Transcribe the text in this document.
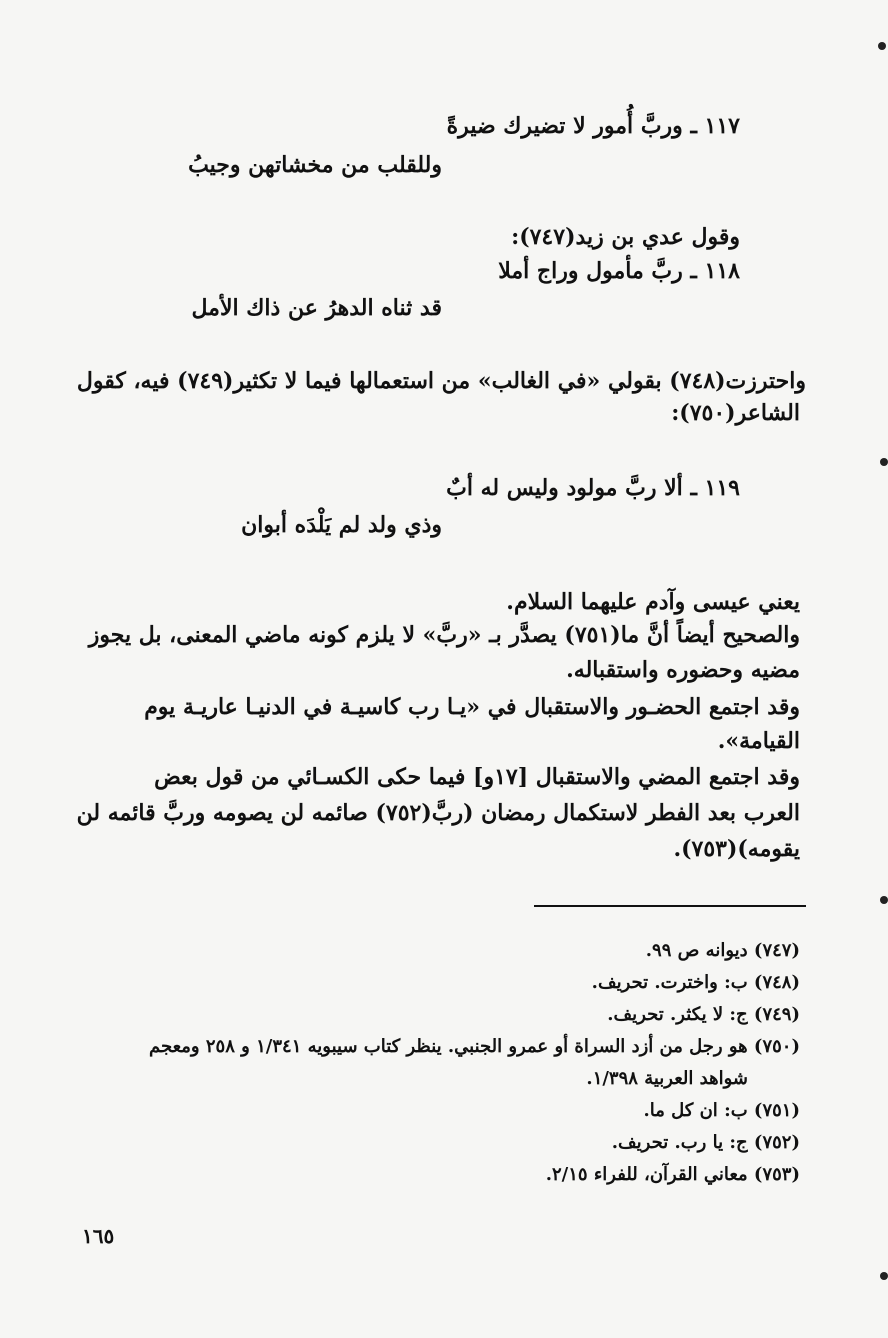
١١٧ ـ وربَّ أُمور لا تضيرك ضيرةً
وللقلب من مخشاتهن وجيبُ
وقول عدي بن زيد(٧٤٧):
١١٨ ـ ربَّ مأمول وراج أملا
قد ثناه الدهرُ عن ذاك الأمل
واحترزت(٧٤٨) بقولي «في الغالب» من استعمالها فيما لا تكثير(٧٤٩) فيه، كقول
الشاعر(٧٥٠):
١١٩ ـ ألا ربَّ مولود وليس له أبٌ
وذي ولد لم يَلْدَه أبوان
يعني عيسى وآدم عليهما السلام.
والصحيح أيضاً أنَّ ما(٧٥١) يصدَّر بـ «ربَّ» لا يلزم كونه ماضي المعنى، بل يجوز
مضيه وحضوره واستقباله.
وقد اجتمع الحضـور والاستقبال في «يـا رب كاسيـة في الدنيـا عاريـة يوم
القيامة».
وقد اجتمع المضي والاستقبال [١٧و] فيما حكى الكسـائي من قول بعض
العرب بعد الفطر لاستكمال رمضان (ربَّ(٧٥٢) صائمه لن يصومه وربَّ قائمه لن
يقومه)(٧٥٣).
(٧٤٧) ديوانه ص ٩٩.
(٧٤٨) ب: واخترت. تحريف.
(٧٤٩) ج: لا يكثر. تحريف.
(٧٥٠) هو رجل من أزد السراة أو عمرو الجنبي. ينظر كتاب سيبويه ١/٣٤١ و ٢٥٨ ومعجم
شواهد العربية ١/٣٩٨.
(٧٥١) ب: ان كل ما.
(٧٥٢) ج: يا رب. تحريف.
(٧٥٣) معاني القرآن، للفراء ٢/١٥.
١٦٥
